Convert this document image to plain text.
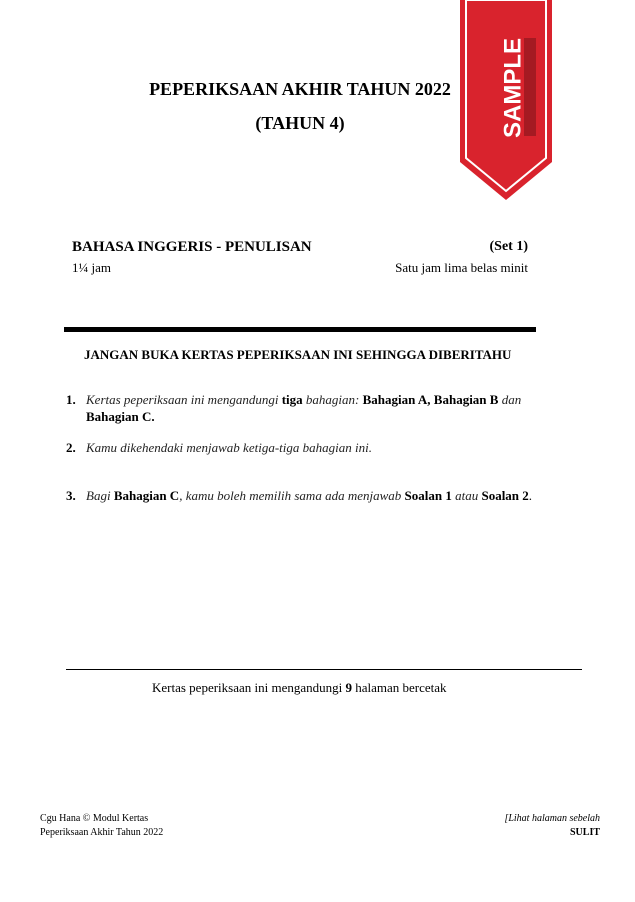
PEPERIKSAAN AKHIR TAHUN 2022
(TAHUN 4)
BAHASA INGGERIS - PENULISAN	(Set 1)
1¼ jam	Satu jam lima belas minit
JANGAN BUKA KERTAS PEPERIKSAAN INI SEHINGGA DIBERITAHU
1. Kertas peperiksaan ini mengandungi tiga bahagian: Bahagian A, Bahagian B dan Bahagian C.
2. Kamu dikehendaki menjawab ketiga-tiga bahagian ini.
3. Bagi Bahagian C, kamu boleh memilih sama ada menjawab Soalan 1 atau Soalan 2.
Kertas peperiksaan ini mengandungi 9 halaman bercetak
Cgu Hana © Modul Kertas
Peperiksaan Akhir Tahun 2022
[Lihat halaman sebelah
SULIT
SAMPLE
